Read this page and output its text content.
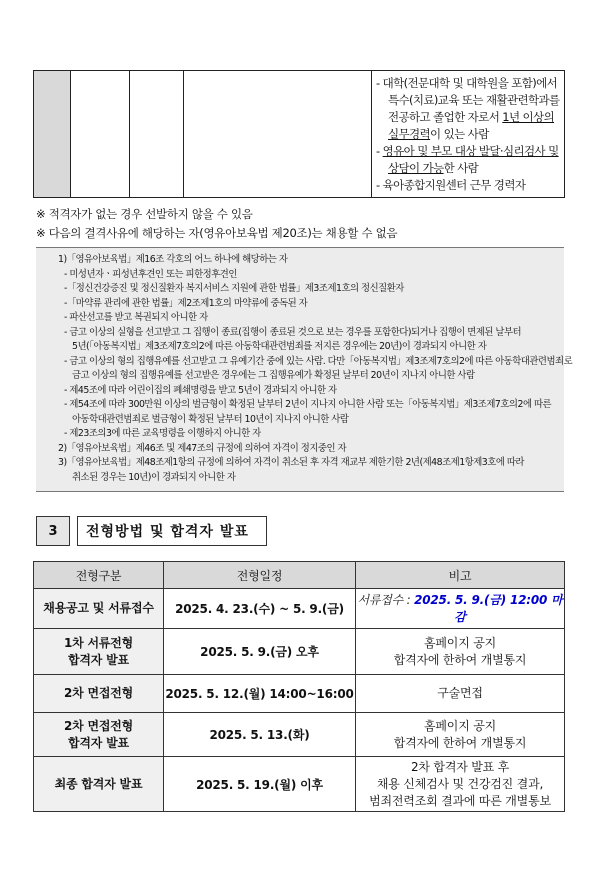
- 대학(전문대학 및 대학원을 포함)에서 특수(치료)교육 또는 재활관련학과를 전공하고 졸업한 자로서 1년 이상의 실무경력이 있는 사람
- 영유아 및 부모 대상 발달·심리검사 및 상담이 가능한 사람
- 육아종합지원센터 근무 경력자
※ 적격자가 없는 경우 선발하지 않을 수 있음
※ 다음의 결격사유에 해당하는 자(영유아보육법 제20조)는 채용할 수 없음
1)「영유아보육법」제16조 각호의 어느 하나에 해당하는 자
- 미성년자ㆍ피성년후견인 또는 피한정후견인
-「정신건강증진 및 정신질환자 복지서비스 지원에 관한 법률」제3조제1호의 정신질환자
-「마약류 관리에 관한 법률」제2조제1호의 마약류에 중독된 자
- 파산선고를 받고 복권되지 아니한 자
- 금고 이상의 실형을 선고받고 그 집행이 종료(집행이 종료된 것으로 보는 경우를 포함한다)되거나 집행이 면제된 날부터
5년(「아동복지법」제3조제7호의2에 따른 아동학대관련범죄를 저지른 경우에는 20년)이 경과되지 아니한 자
- 금고 이상의 형의 집행유예를 선고받고 그 유예기간 중에 있는 사람. 다만「아동복지법」제3조제7호의2에 따른 아동학대관련범죄로
금고 이상의 형의 집행유예를 선고받은 경우에는 그 집행유예가 확정된 날부터 20년이 지나지 아니한 사람
- 제45조에 따라 어린이집의 폐쇄명령을 받고 5년이 경과되지 아니한 자
- 제54조에 따라 300만원 이상의 벌금형이 확정된 날부터 2년이 지나지 아니한 사람 또는「아동복지법」제3조제7호의2에 따른
아동학대관련범죄로 벌금형이 확정된 날부터 10년이 지나지 아니한 사람
- 제23조의3에 따른 교육명령을 이행하지 아니한 자
2)「영유아보육법」제46조 및 제47조의 규정에 의하여 자격이 정지중인 자
3)「영유아보육법」제48조제1항의 규정에 의하여 자격이 취소된 후 자격 재교부 제한기한 2년(제48조제1항제3호에 따라
취소된 경우는 10년)이 경과되지 아니한 자
3	전형방법 및 합격자 발표
전형구분	전형일정	비고
채용공고 및 서류접수	2025. 4. 23.(수) ~ 5. 9.(금)	서류접수 : 2025. 5. 9.(금) 12:00 마감
1차 서류전형
합격자 발표	2025. 5. 9.(금) 오후	홈페이지 공지
합격자에 한하여 개별통지
2차 면접전형	2025. 5. 12.(월) 14:00~16:00	구술면접
2차 면접전형
합격자 발표	2025. 5. 13.(화)	홈페이지 공지
합격자에 한하여 개별통지
최종 합격자 발표	2025. 5. 19.(월) 이후	2차 합격자 발표 후
채용 신체검사 및 건강검진 결과,
범죄전력조회 결과에 따른 개별통보
